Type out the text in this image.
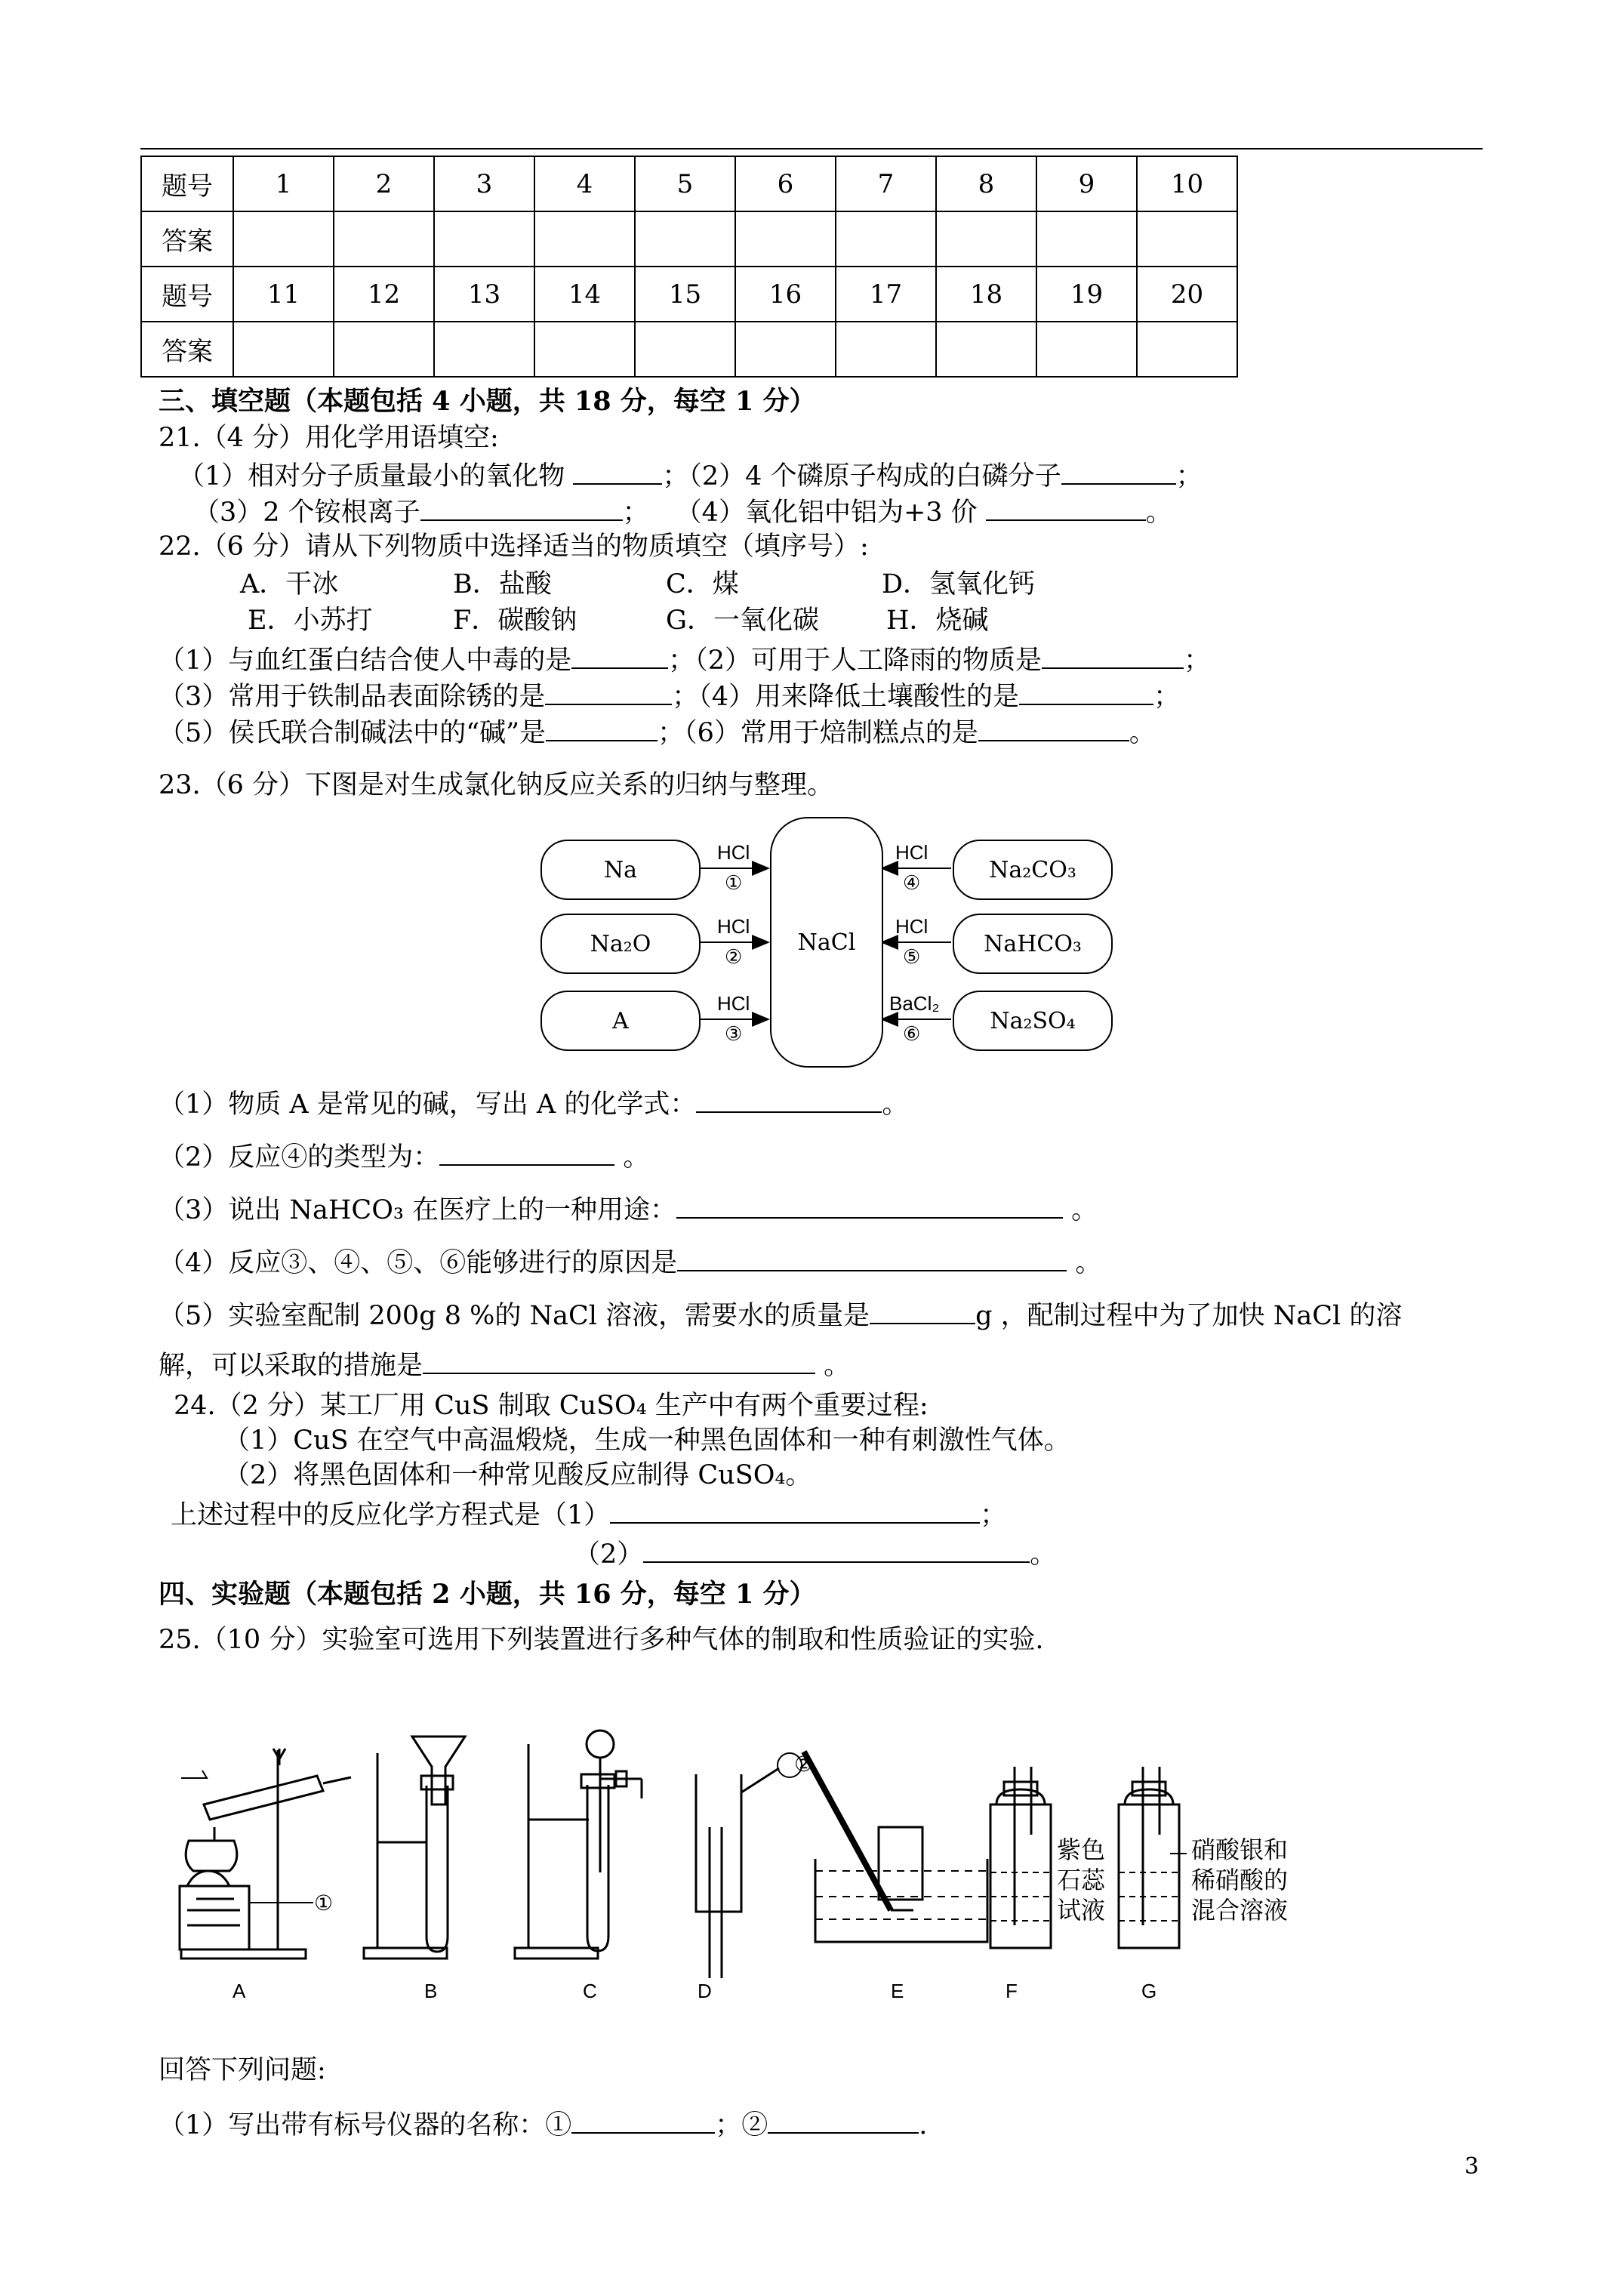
题号	1	2	3	4	5	6	7	8	9	10
答案										
题号	11	12	13	14	15	16	17	18	19	20
答案										
三、填空题（本题包括 4 小题，共 18 分，每空 1 分）
21.（4 分）用化学用语填空:
（1）相对分子质量最小的氧化物	；（2）4 个磷原子构成的白磷分子	；
（3）2 个铵根离子	；　　（4）氧化铝中铝为+3 价	。
22.（6 分）请从下列物质中选择适当的物质填空（填序号）:
A．干冰	B．盐酸	C．煤	D．氢氧化钙
E．小苏打	F．碳酸钠	G．一氧化碳	H．烧碱
（1）与血红蛋白结合使人中毒的是	；（2）可用于人工降雨的物质是	；
（3）常用于铁制品表面除锈的是	；（4）用来降低土壤酸性的是	；
（5）侯氏联合制碱法中的“碱”是	；（6）常用于焙制糕点的是	。
23.（6 分）下图是对生成氯化钠反应关系的归纳与整理。
Na
Na₂O
A
NaCl
Na₂CO₃
NaHCO₃
Na₂SO₄
HCl
①
HCl
②
HCl
③
HCl
④
HCl
⑤
BaCl₂
⑥
（1）物质 A 是常见的碱，写出 A 的化学式：	。
（2）反应④的类型为：	。
（3）说出 NaHCO₃ 在医疗上的一种用途：	。
（4）反应③、④、⑤、⑥能够进行的原因是	。
（5）实验室配制 200g 8 %的 NaCl 溶液，需要水的质量是	g ，配制过程中为了加快 NaCl 的溶
解，可以采取的措施是	。
24.（2 分）某工厂用 CuS 制取 CuSO₄ 生产中有两个重要过程:
（1）CuS 在空气中高温煅烧，生成一种黑色固体和一种有刺激性气体。
（2）将黑色固体和一种常见酸反应制得 CuSO₄。
上述过程中的反应化学方程式是（1）	；
（2）	。
四、实验题（本题包括 2 小题，共 16 分，每空 1 分）
25.（10 分）实验室可选用下列装置进行多种气体的制取和性质验证的实验.
①
②
紫色
石蕊
试液
硝酸银和
稀硝酸的
混合溶液
A	B	C	D	E	F	G
回答下列问题:
（1）写出带有标号仪器的名称：①	；②	.
3
